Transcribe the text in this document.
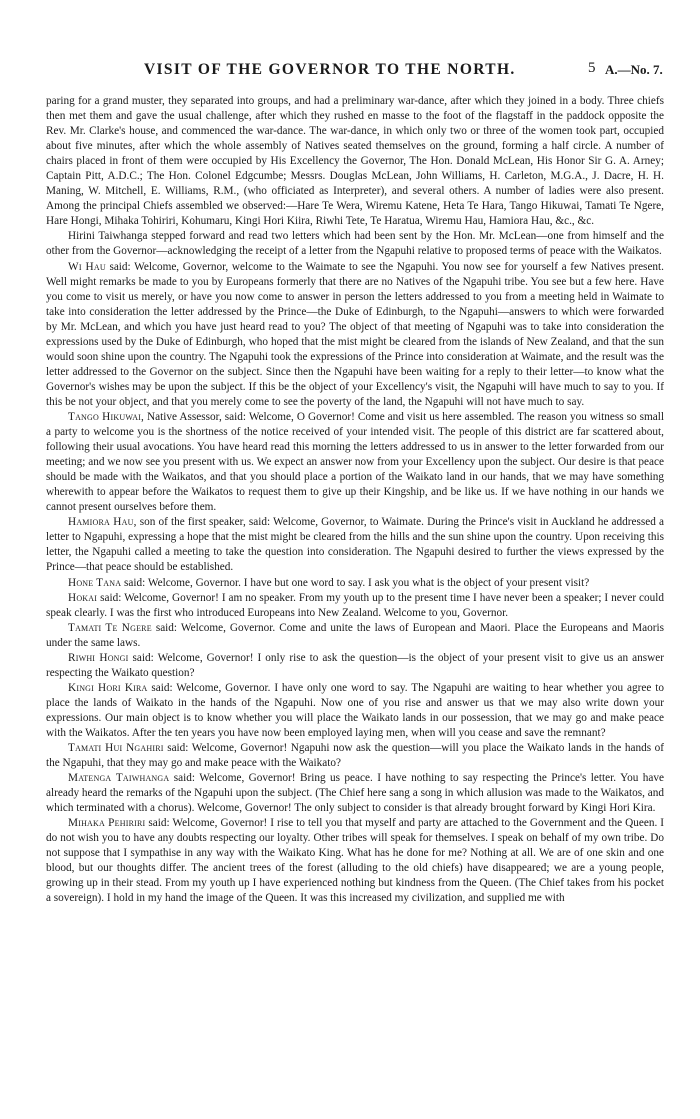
VISIT OF THE GOVERNOR TO THE NORTH.	5 A.—No. 7.

paring for a grand muster, they separated into groups, and had a preliminary war-dance, after which they joined in a body. Three chiefs then met them and gave the usual challenge, after which they rushed en masse to the foot of the flagstaff in the paddock opposite the Rev. Mr. Clarke's house, and commenced the war-dance. The war-dance, in which only two or three of the women took part, occupied about five minutes, after which the whole assembly of Natives seated themselves on the ground, forming a half circle. A number of chairs placed in front of them were occupied by His Excellency the Governor, The Hon. Donald McLean, His Honor Sir G. A. Arney; Captain Pitt, A.D.C.; The Hon. Colonel Edgcumbe; Messrs. Douglas McLean, John Williams, H. Carleton, M.G.A., J. Dacre, H. H. Maning, W. Mitchell, E. Williams, R.M., (who officiated as Interpreter), and several others. A number of ladies were also present. Among the principal Chiefs assembled we observed:—Hare Te Wera, Wiremu Katene, Heta Te Hara, Tango Hikuwai, Tamati Te Ngere, Hare Hongi, Mihaka Tohiriri, Kohumaru, Kingi Hori Kiira, Riwhi Tete, Te Haratua, Wiremu Hau, Hamiora Hau, &c., &c.

Hirini Taiwhanga stepped forward and read two letters which had been sent by the Hon. Mr. McLean—one from himself and the other from the Governor—acknowledging the receipt of a letter from the Ngapuhi relative to proposed terms of peace with the Waikatos.

Wi Hau said: Welcome, Governor, welcome to the Waimate to see the Ngapuhi. You now see for yourself a few Natives present. Well might remarks be made to you by Europeans formerly that there are no Natives of the Ngapuhi tribe. You see but a few here. Have you come to visit us merely, or have you now come to answer in person the letters addressed to you from a meeting held in Waimate to take into consideration the letter addressed by the Prince—the Duke of Edinburgh, to the Ngapuhi—answers to which were forwarded by Mr. McLean, and which you have just heard read to you? The object of that meeting of Ngapuhi was to take into consideration the expressions used by the Duke of Edinburgh, who hoped that the mist might be cleared from the islands of New Zealand, and that the sun would soon shine upon the country. The Ngapuhi took the expressions of the Prince into consideration at Waimate, and the result was the letter addressed to the Governor on the subject. Since then the Ngapuhi have been waiting for a reply to their letter—to know what the Governor's wishes may be upon the subject. If this be the object of your Excellency's visit, the Ngapuhi will have much to say to you. If this be not your object, and that you merely come to see the poverty of the land, the Ngapuhi will not have much to say.

Tango Hikuwai, Native Assessor, said: Welcome, O Governor! Come and visit us here assembled. The reason you witness so small a party to welcome you is the shortness of the notice received of your intended visit. The people of this district are far scattered about, following their usual avocations. You have heard read this morning the letters addressed to us in answer to the letter forwarded from our meeting; and we now see you present with us. We expect an answer now from your Excellency upon the subject. Our desire is that peace should be made with the Waikatos, and that you should place a portion of the Waikato land in our hands, that we may have something wherewith to appear before the Waikatos to request them to give up their Kingship, and be like us. If we have nothing in our hands we cannot present ourselves before them.

Hamiora Hau, son of the first speaker, said: Welcome, Governor, to Waimate. During the Prince's visit in Auckland he addressed a letter to Ngapuhi, expressing a hope that the mist might be cleared from the hills and the sun shine upon the country. Upon receiving this letter, the Ngapuhi called a meeting to take the question into consideration. The Ngapuhi desired to further the views expressed by the Prince—that peace should be established.

Hone Tana said: Welcome, Governor. I have but one word to say. I ask you what is the object of your present visit?

Hokai said: Welcome, Governor! I am no speaker. From my youth up to the present time I have never been a speaker; I never could speak clearly. I was the first who introduced Europeans into New Zealand. Welcome to you, Governor.

Tamati Te Ngere said: Welcome, Governor. Come and unite the laws of European and Maori. Place the Europeans and Maoris under the same laws.

Riwhi Hongi said: Welcome, Governor! I only rise to ask the question—is the object of your present visit to give us an answer respecting the Waikato question?

Kingi Hori Kira said: Welcome, Governor. I have only one word to say. The Ngapuhi are waiting to hear whether you agree to place the lands of Waikato in the hands of the Ngapuhi. Now one of you rise and answer us that we may also write down your expressions. Our main object is to know whether you will place the Waikato lands in our possession, that we may go and make peace with the Waikatos. After the ten years you have now been employed laying men, when will you cease and save the remnant?

Tamati Hui Ngahiri said: Welcome, Governor! Ngapuhi now ask the question—will you place the Waikato lands in the hands of the Ngapuhi, that they may go and make peace with the Waikato?

Matenga Taiwhanga said: Welcome, Governor! Bring us peace. I have nothing to say respecting the Prince's letter. You have already heard the remarks of the Ngapuhi upon the subject. (The Chief here sang a song in which allusion was made to the Waikatos, and which terminated with a chorus). Welcome, Governor! The only subject to consider is that already brought forward by Kingi Hori Kira.

Mihaka Pehiriri said: Welcome, Governor! I rise to tell you that myself and party are attached to the Government and the Queen. I do not wish you to have any doubts respecting our loyalty. Other tribes will speak for themselves. I speak on behalf of my own tribe. Do not suppose that I sympathise in any way with the Waikato King. What has he done for me? Nothing at all. We are of one skin and one blood, but our thoughts differ. The ancient trees of the forest (alluding to the old chiefs) have disappeared; we are a young people, growing up in their stead. From my youth up I have experienced nothing but kindness from the Queen. (The Chief takes from his pocket a sovereign). I hold in my hand the image of the Queen. It was this increased my civilization, and supplied me with
